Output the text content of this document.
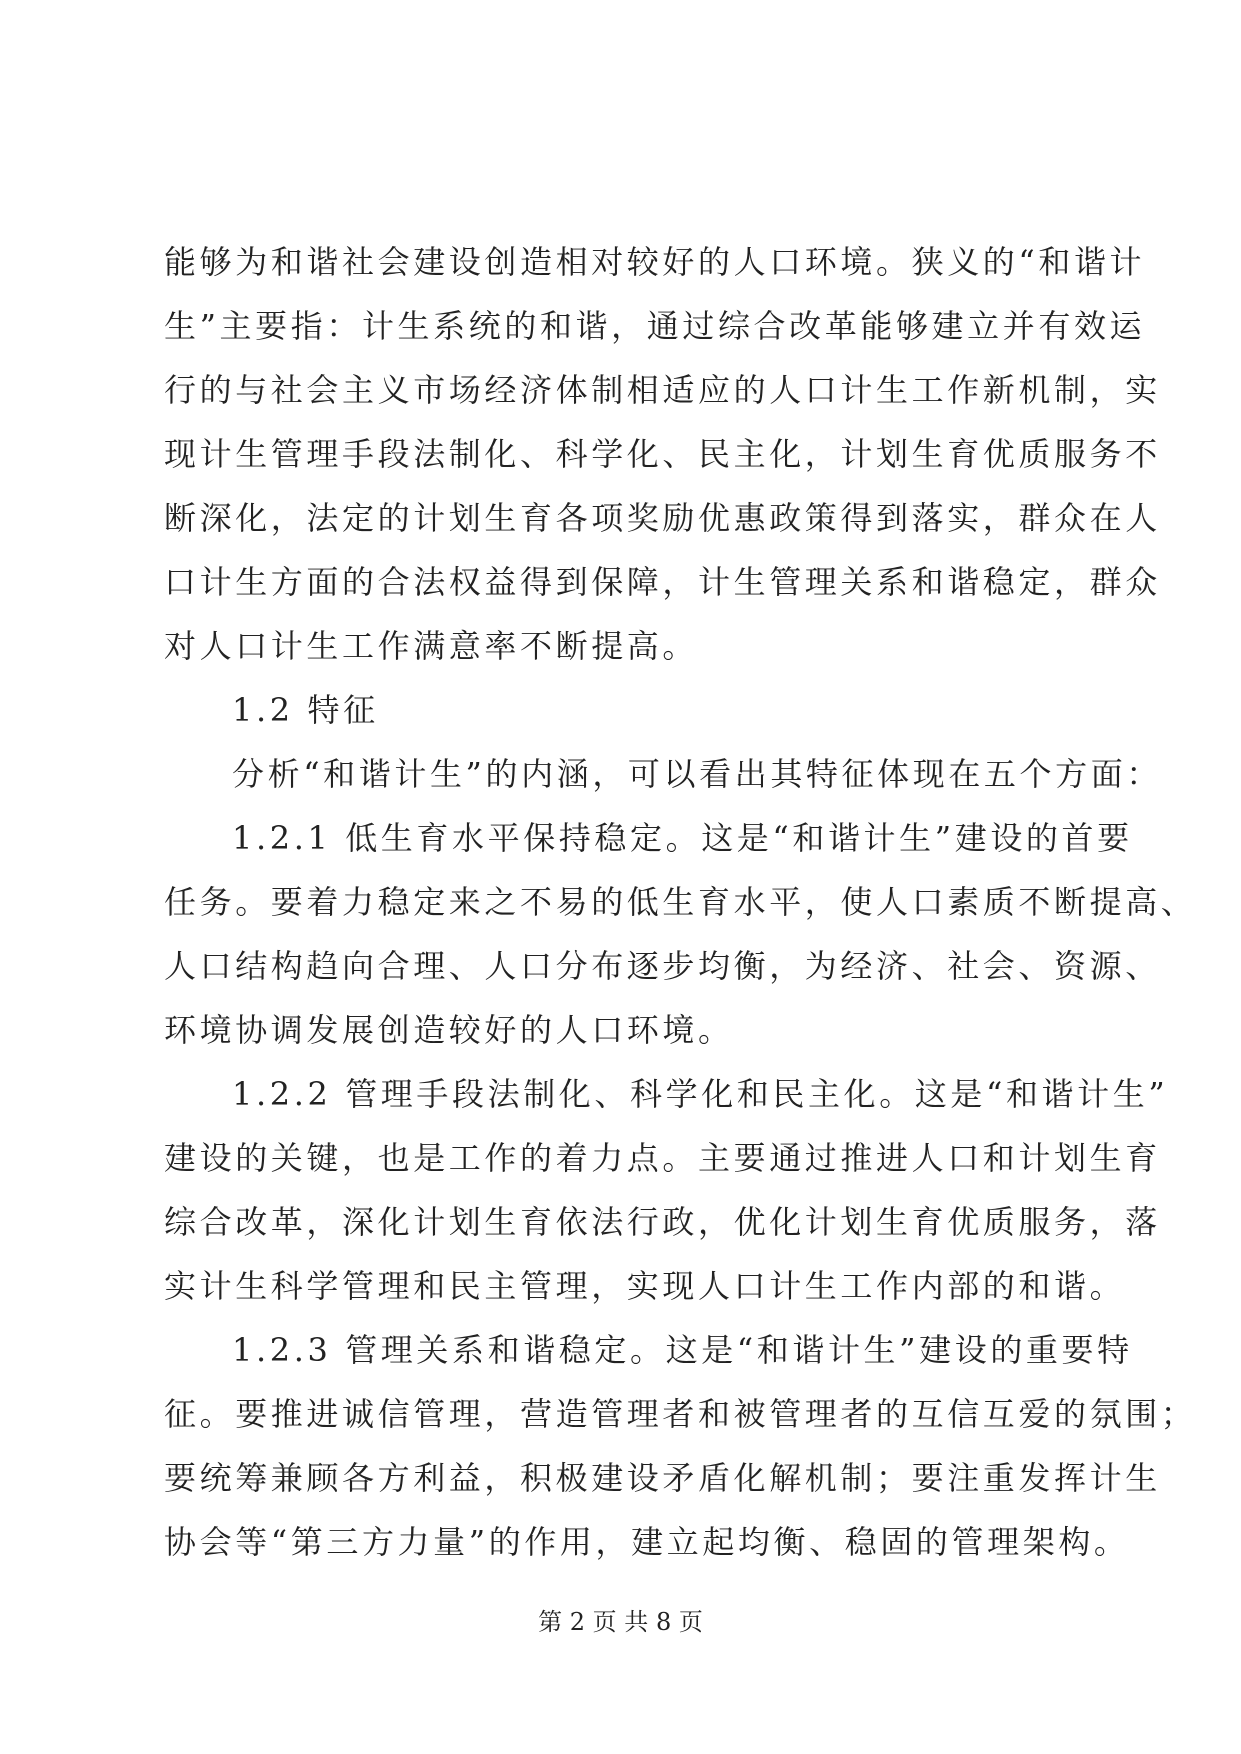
能够为和谐社会建设创造相对较好的人口环境。狭义的“和谐计
生”主要指：计生系统的和谐，通过综合改革能够建立并有效运
行的与社会主义市场经济体制相适应的人口计生工作新机制，实
现计生管理手段法制化、科学化、民主化，计划生育优质服务不
断深化，法定的计划生育各项奖励优惠政策得到落实，群众在人
口计生方面的合法权益得到保障，计生管理关系和谐稳定，群众
对人口计生工作满意率不断提高。
1.2 特征
分析“和谐计生”的内涵，可以看出其特征体现在五个方面：
1.2.1 低生育水平保持稳定。这是“和谐计生”建设的首要
任务。要着力稳定来之不易的低生育水平，使人口素质不断提高、
人口结构趋向合理、人口分布逐步均衡，为经济、社会、资源、
环境协调发展创造较好的人口环境。
1.2.2 管理手段法制化、科学化和民主化。这是“和谐计生”
建设的关键，也是工作的着力点。主要通过推进人口和计划生育
综合改革，深化计划生育依法行政，优化计划生育优质服务，落
实计生科学管理和民主管理，实现人口计生工作内部的和谐。
1.2.3 管理关系和谐稳定。这是“和谐计生”建设的重要特
征。要推进诚信管理，营造管理者和被管理者的互信互爱的氛围；
要统筹兼顾各方利益，积极建设矛盾化解机制；要注重发挥计生
协会等“第三方力量”的作用，建立起均衡、稳固的管理架构。
第 2 页 共 8 页
